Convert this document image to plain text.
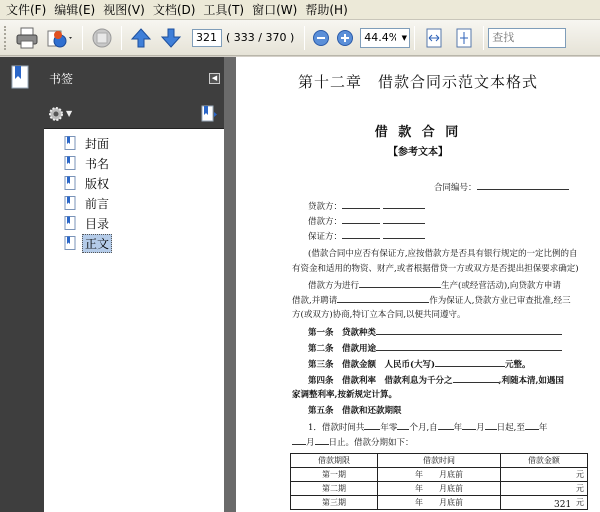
文件(F) 编辑(E) 视图(V) 文档(D) 工具(T) 窗口(W) 帮助(H)
321
( 333 / 370 )
44.4%	▼
查找
书签	◀
▼
封面
书名
版权
前言
目录
正文
第十二章　借款合同示范文本格式
借 款 合 同
【参考文本】
合同编号：
贷款方：
借款方：
保证方：
(借款合同中应否有保证方,应按借款方是否具有银行规定的一定比例的自
有资金和适用的物资、财产,或者根据借贷一方或双方是否提出担保要求确定)
借款方为进行	生产(或经营活动),向贷款方申请
借款,并聘请	作为保证人,贷款方业已审查批准,经三
方(或双方)协商,特订立本合同,以便共同遵守。
第一条　贷款种类
第二条　借款用途
第三条　借款金额　人民币(大写)	元整。
第四条　借款利率　借款利息为千分之	,利随本清,如遇国
家调整利率,按新规定计算。
第五条　借款和还款期限
1．借款时间共 年零 个月,自 年 月 日起,至 年
月 日止。借款分期如下：
借款期限	借款时间	借款金额
第一期	年　　月底前	元
第二期	年　　月底前	元
第三期	年　　月底前	元
321
